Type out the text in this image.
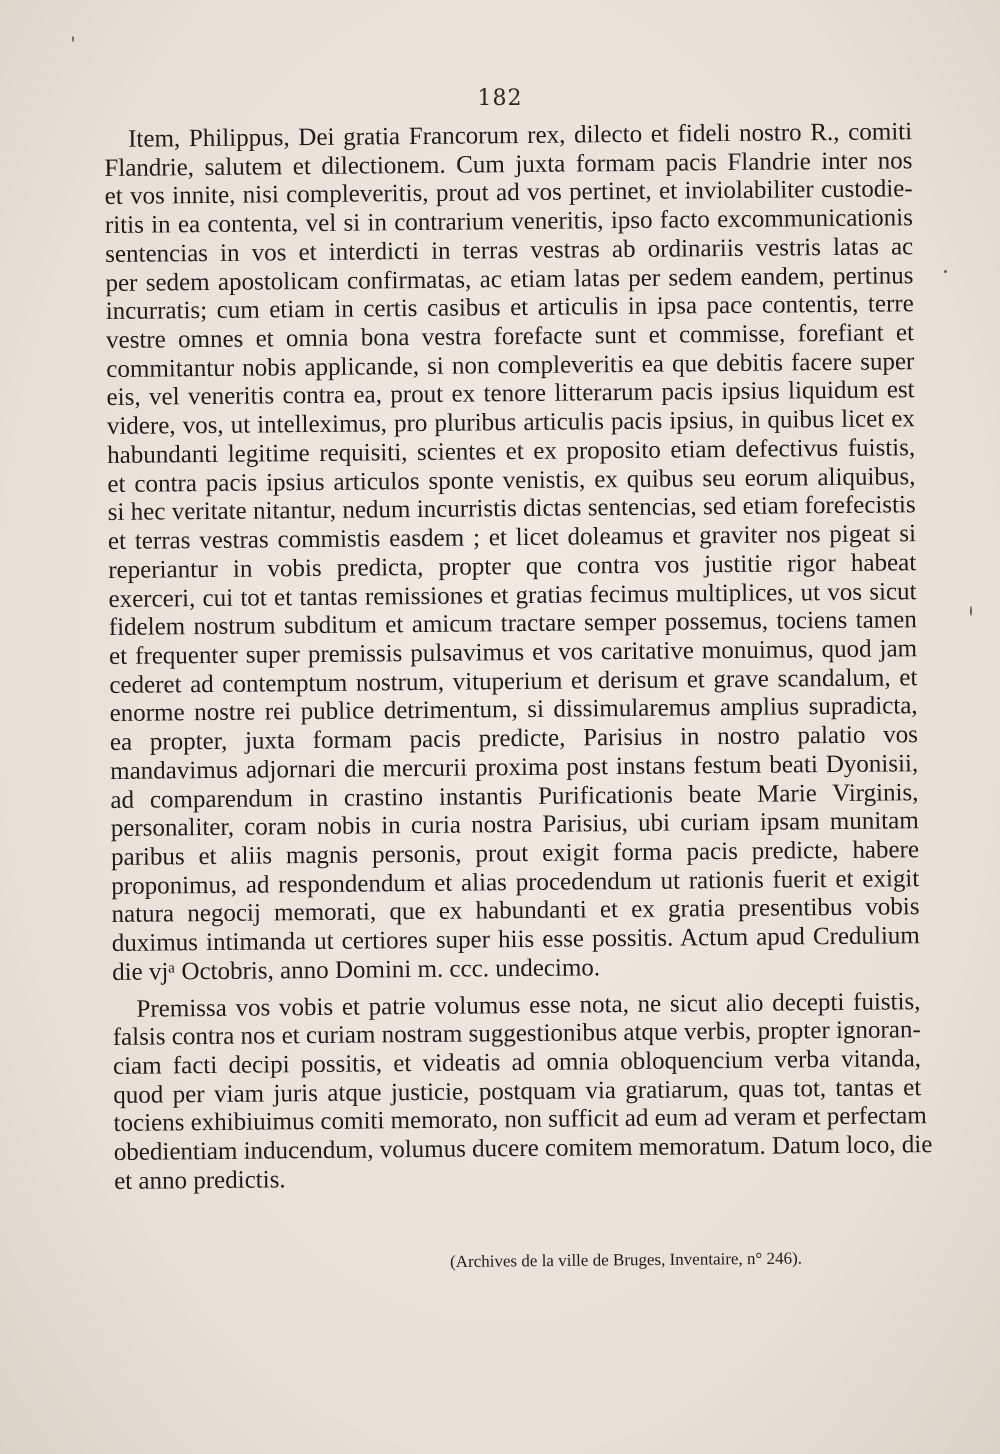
182
Item, Philippus, Dei gratia Francorum rex, dilecto et fideli nostro R., comiti
Flandrie, salutem et dilectionem. Cum juxta formam pacis Flandrie inter nos
et vos innite, nisi compleveritis, prout ad vos pertinet, et inviolabiliter custodie-
ritis in ea contenta, vel si in contrarium veneritis, ipso facto excommunicationis
sentencias in vos et interdicti in terras vestras ab ordinariis vestris latas ac
per sedem apostolicam confirmatas, ac etiam latas per sedem eandem, pertinus
incurratis; cum etiam in certis casibus et articulis in ipsa pace contentis, terre
vestre omnes et omnia bona vestra forefacte sunt et commisse, forefiant et
commitantur nobis applicande, si non compleveritis ea que debitis facere super
eis, vel veneritis contra ea, prout ex tenore litterarum pacis ipsius liquidum est
videre, vos, ut intelleximus, pro pluribus articulis pacis ipsius, in quibus licet ex
habundanti legitime requisiti, scientes et ex proposito etiam defectivus fuistis,
et contra pacis ipsius articulos sponte venistis, ex quibus seu eorum aliquibus,
si hec veritate nitantur, nedum incurristis dictas sentencias, sed etiam forefecistis
et terras vestras commistis easdem ; et licet doleamus et graviter nos pigeat si
reperiantur in vobis predicta, propter que contra vos justitie rigor habeat
exerceri, cui tot et tantas remissiones et gratias fecimus multiplices, ut vos sicut
fidelem nostrum subditum et amicum tractare semper possemus, tociens tamen
et frequenter super premissis pulsavimus et vos caritative monuimus, quod jam
cederet ad contemptum nostrum, vituperium et derisum et grave scandalum, et
enorme nostre rei publice detrimentum, si dissimularemus amplius supradicta,
ea propter, juxta formam pacis predicte, Parisius in nostro palatio vos
mandavimus adjornari die mercurii proxima post instans festum beati Dyonisii,
ad comparendum in crastino instantis Purificationis beate Marie Virginis,
personaliter, coram nobis in curia nostra Parisius, ubi curiam ipsam munitam
paribus et aliis magnis personis, prout exigit forma pacis predicte, habere
proponimus, ad respondendum et alias procedendum ut rationis fuerit et exigit
natura negocij memorati, que ex habundanti et ex gratia presentibus vobis
duximus intimanda ut certiores super hiis esse possitis. Actum apud Credulium
die vjᵃ Octobris, anno Domini m. ccc. undecimo.
Premissa vos vobis et patrie volumus esse nota, ne sicut alio decepti fuistis,
falsis contra nos et curiam nostram suggestionibus atque verbis, propter ignoran-
ciam facti decipi possitis, et videatis ad omnia obloquencium verba vitanda,
quod per viam juris atque justicie, postquam via gratiarum, quas tot, tantas et
tociens exhibiuimus comiti memorato, non sufficit ad eum ad veram et perfectam
obedientiam inducendum, volumus ducere comitem memoratum. Datum loco, die
et anno predictis.
(Archives de la ville de Bruges, Inventaire, n° 246).
